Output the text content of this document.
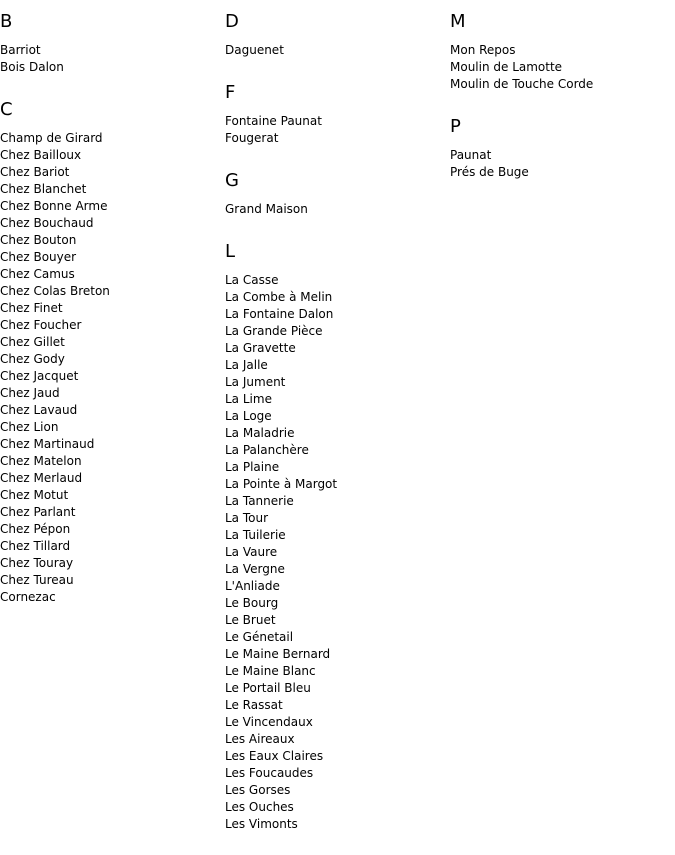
B
Barriot
Bois Dalon
C
Champ de Girard
Chez Bailloux
Chez Bariot
Chez Blanchet
Chez Bonne Arme
Chez Bouchaud
Chez Bouton
Chez Bouyer
Chez Camus
Chez Colas Breton
Chez Finet
Chez Foucher
Chez Gillet
Chez Gody
Chez Jacquet
Chez Jaud
Chez Lavaud
Chez Lion
Chez Martinaud
Chez Matelon
Chez Merlaud
Chez Motut
Chez Parlant
Chez Pépon
Chez Tillard
Chez Touray
Chez Tureau
Cornezac
D
Daguenet
F
Fontaine Paunat
Fougerat
G
Grand Maison
L
La Casse
La Combe à Melin
La Fontaine Dalon
La Grande Pièce
La Gravette
La Jalle
La Jument
La Lime
La Loge
La Maladrie
La Palanchère
La Plaine
La Pointe à Margot
La Tannerie
La Tour
La Tuilerie
La Vaure
La Vergne
L'Anliade
Le Bourg
Le Bruet
Le Génetail
Le Maine Bernard
Le Maine Blanc
Le Portail Bleu
Le Rassat
Le Vincendaux
Les Aireaux
Les Eaux Claires
Les Foucaudes
Les Gorses
Les Ouches
Les Vimonts
M
Mon Repos
Moulin de Lamotte
Moulin de Touche Corde
P
Paunat
Prés de Buge
